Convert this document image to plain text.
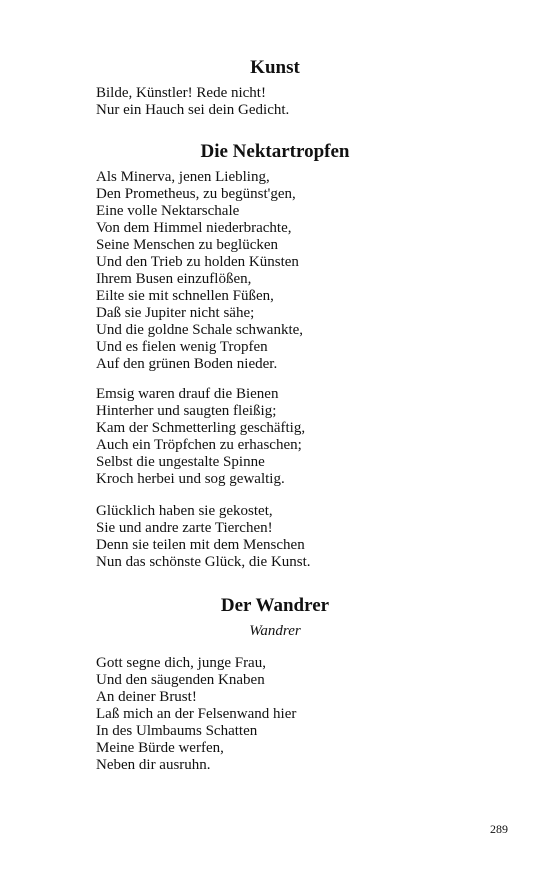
Kunst
Bilde, Künstler! Rede nicht!
Nur ein Hauch sei dein Gedicht.
Die Nektartropfen
Als Minerva, jenen Liebling,
Den Prometheus, zu begünst'gen,
Eine volle Nektarschale
Von dem Himmel niederbrachte,
Seine Menschen zu beglücken
Und den Trieb zu holden Künsten
Ihrem Busen einzuflößen,
Eilte sie mit schnellen Füßen,
Daß sie Jupiter nicht sähe;
Und die goldne Schale schwankte,
Und es fielen wenig Tropfen
Auf den grünen Boden nieder.
Emsig waren drauf die Bienen
Hinterher und saugten fleißig;
Kam der Schmetterling geschäftig,
Auch ein Tröpfchen zu erhaschen;
Selbst die ungestalte Spinne
Kroch herbei und sog gewaltig.
Glücklich haben sie gekostet,
Sie und andre zarte Tierchen!
Denn sie teilen mit dem Menschen
Nun das schönste Glück, die Kunst.
Der Wandrer

Wandrer

Gott segne dich, junge Frau,
Und den säugenden Knaben
An deiner Brust!
Laß mich an der Felsenwand hier
In des Ulmbaums Schatten
Meine Bürde werfen,
Neben dir ausruhn.
289
